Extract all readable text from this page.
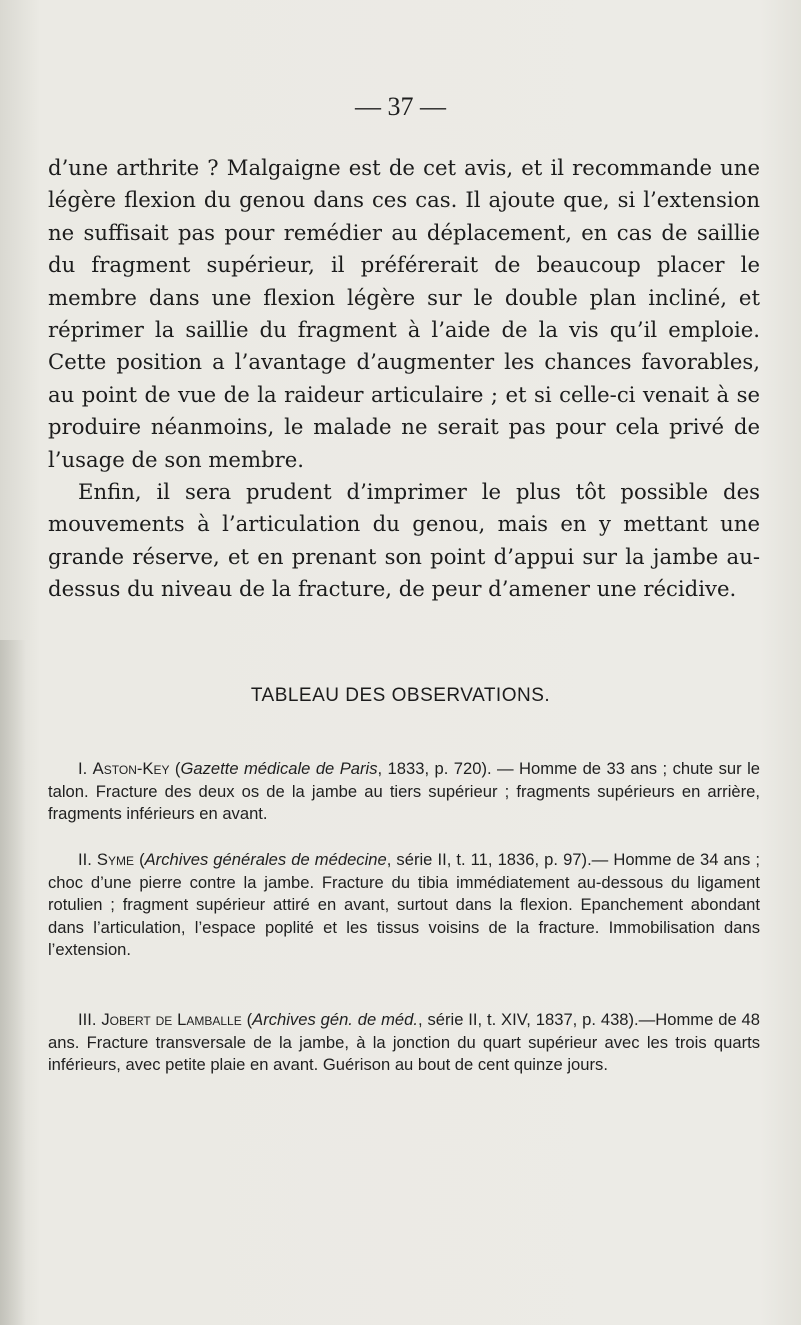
— 37 —

d’une arthrite ? Malgaigne est de cet avis, et il recommande une légère flexion du genou dans ces cas. Il ajoute que, si l’extension ne suffisait pas pour remédier au déplacement, en cas de saillie du fragment supérieur, il préférerait de beaucoup placer le membre dans une flexion légère sur le double plan incliné, et réprimer la saillie du fragment à l’aide de la vis qu’il emploie. Cette position a l’avantage d’augmenter les chances favorables, au point de vue de la raideur articulaire ; et si celle-ci venait à se produire néanmoins, le malade ne serait pas pour cela privé de l’usage de son membre.

Enfin, il sera prudent d’imprimer le plus tôt possible des mouvements à l’articulation du genou, mais en y mettant une grande réserve, et en prenant son point d’appui sur la jambe au-dessus du niveau de la fracture, de peur d’amener une récidive.

TABLEAU DES OBSERVATIONS.
I. Aston-Key (Gazette médicale de Paris, 1833, p. 720). — Homme de 33 ans ; chute sur le talon. Fracture des deux os de la jambe au tiers supérieur ; fragments supérieurs en arrière, fragments inférieurs en avant.
II. Syme (Archives générales de médecine, série II, t. 11, 1836, p. 97).— Homme de 34 ans ; choc d’une pierre contre la jambe. Fracture du tibia immédiatement au-dessous du ligament rotulien ; fragment supérieur attiré en avant, surtout dans la flexion. Epanchement abondant dans l’articulation, l’espace poplité et les tissus voisins de la fracture. Immobilisation dans l’extension.
III. Jobert de Lamballe (Archives gén. de méd., série II, t. XIV, 1837, p. 438).—Homme de 48 ans. Fracture transversale de la jambe, à la jonction du quart supérieur avec les trois quarts inférieurs, avec petite plaie en avant. Guérison au bout de cent quinze jours.
